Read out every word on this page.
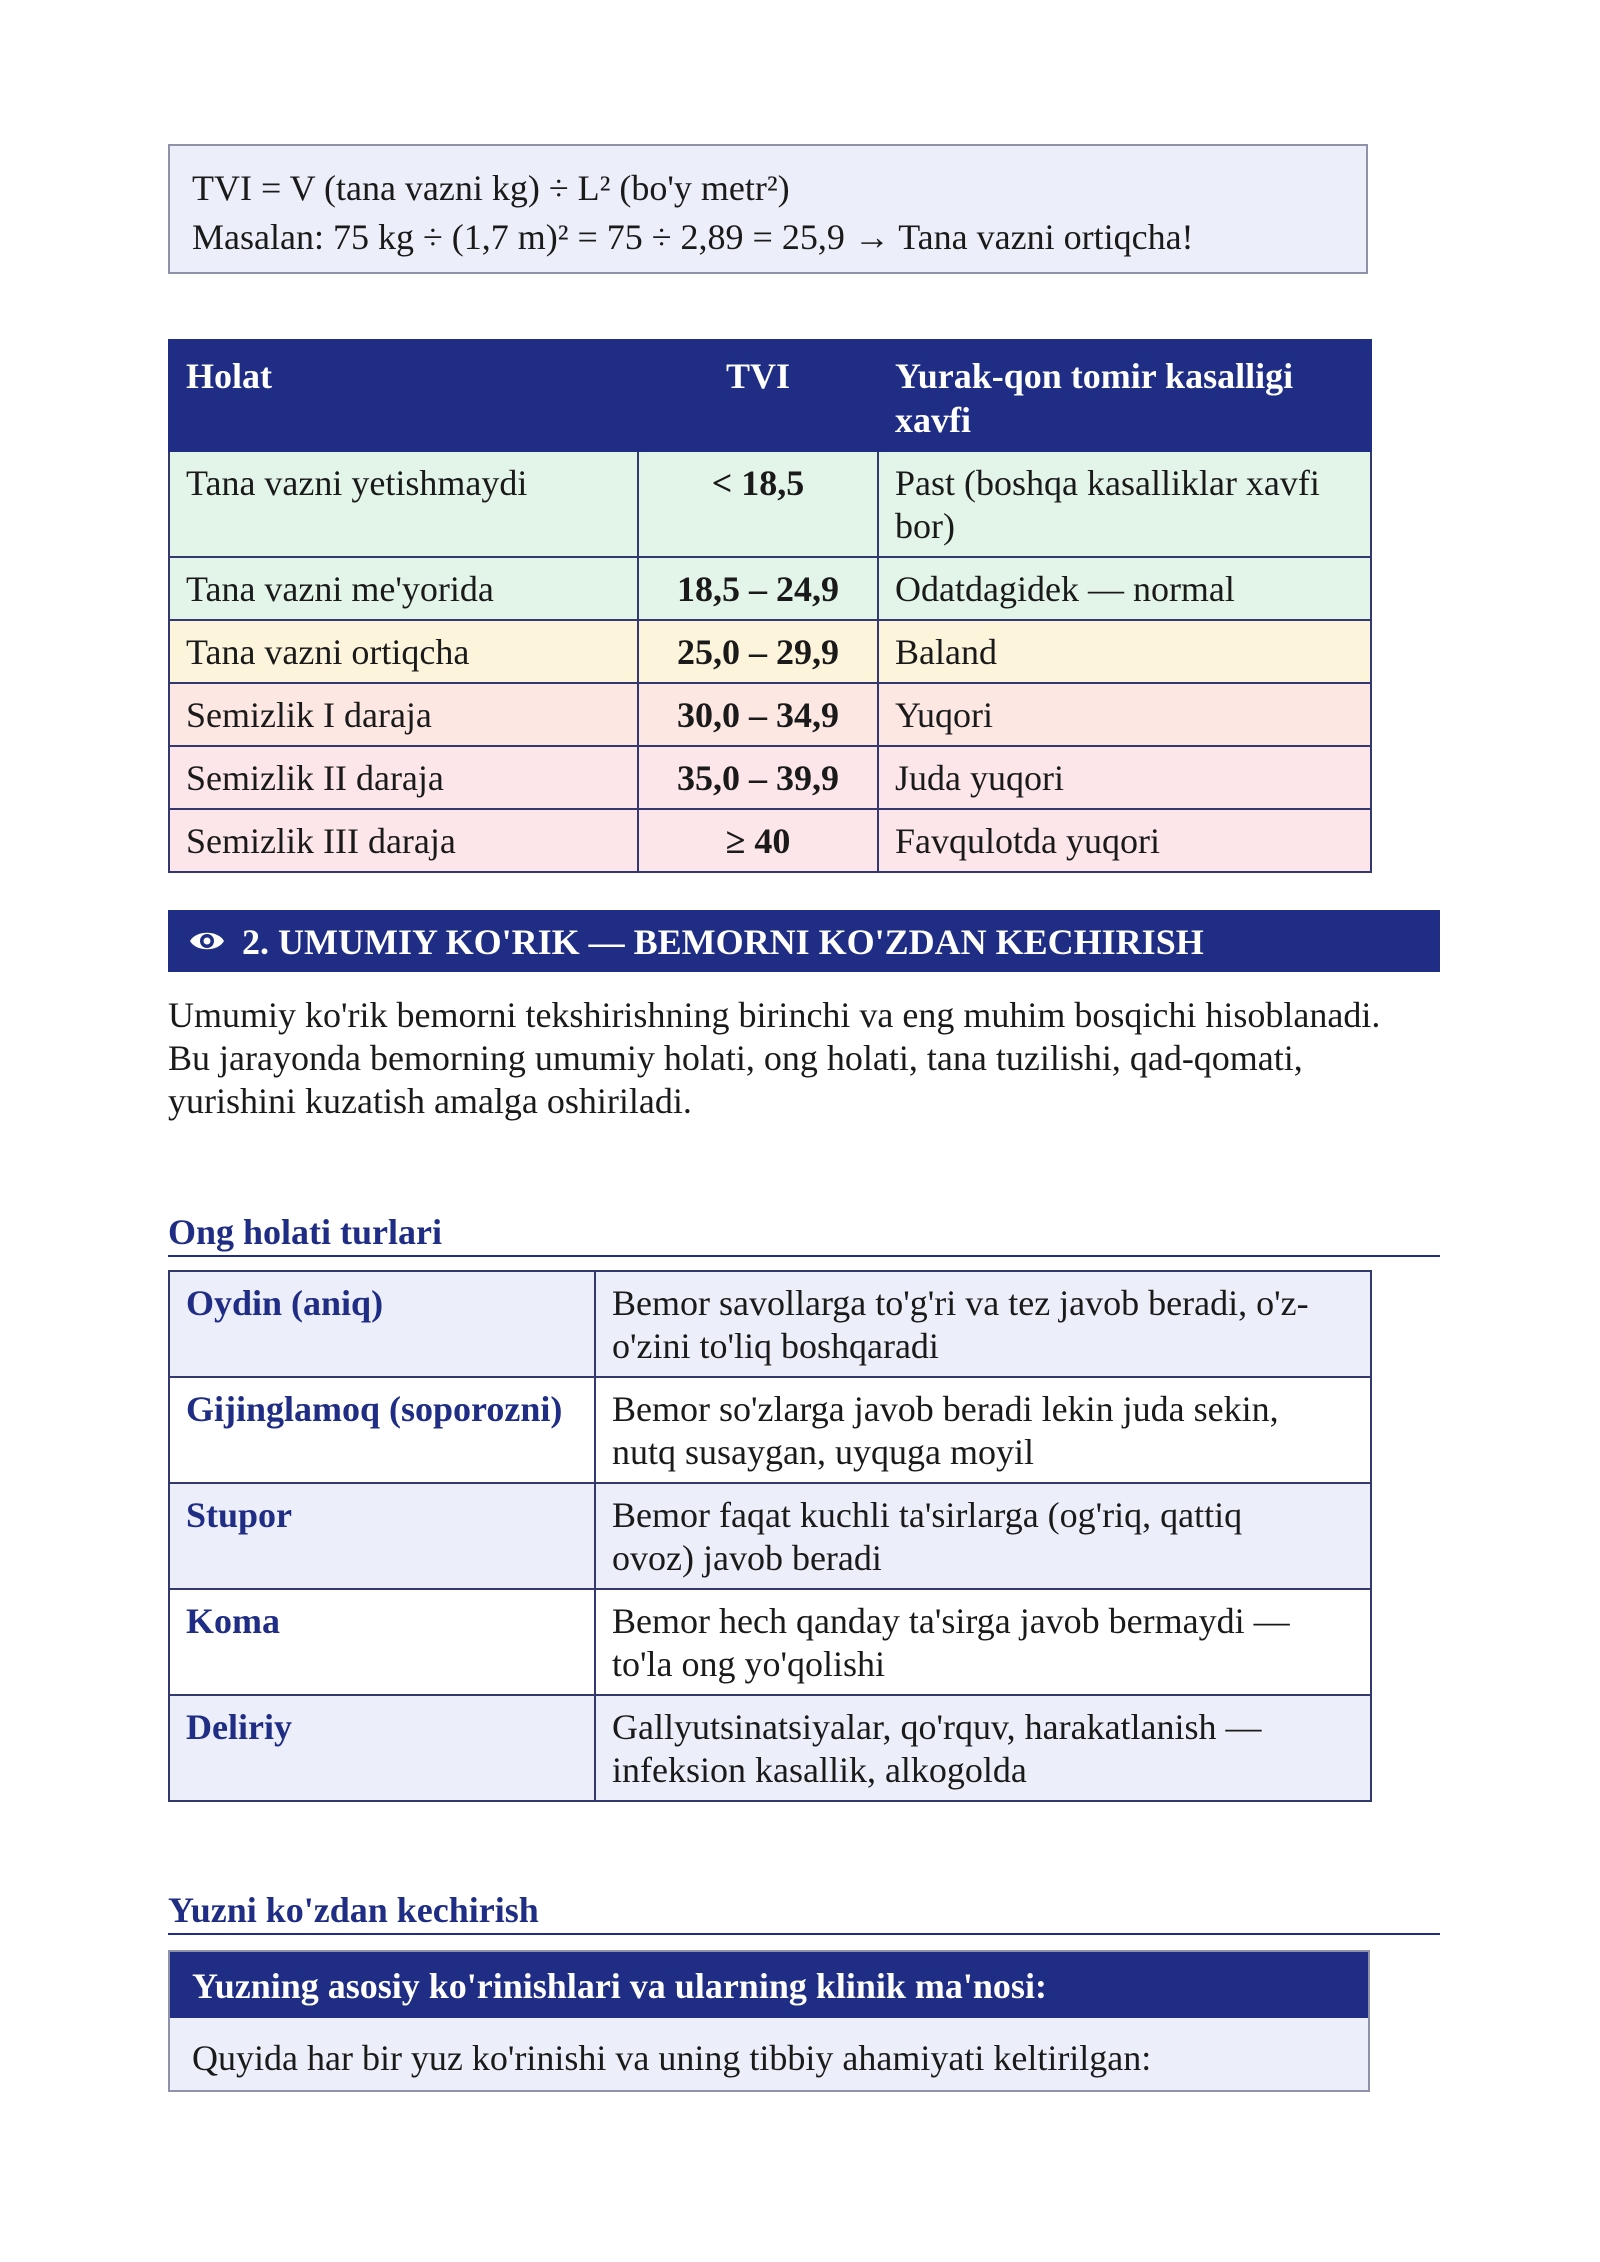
TVI = V (tana vazni kg) ÷ L² (bo'y metr²)
Masalan: 75 kg ÷ (1,7 m)² = 75 ÷ 2,89 = 25,9 → Tana vazni ortiqcha!
Holat	TVI	Yurak-qon tomir kasalligi xavfi
Tana vazni yetishmaydi	< 18,5	Past (boshqa kasalliklar xavfi bor)
Tana vazni me'yorida	18,5 – 24,9	Odatdagidek — normal
Tana vazni ortiqcha	25,0 – 29,9	Baland
Semizlik I daraja	30,0 – 34,9	Yuqori
Semizlik II daraja	35,0 – 39,9	Juda yuqori
Semizlik III daraja	≥ 40	Favqulotda yuqori
2. UMUMIY KO'RIK — BEMORNI KO'ZDAN KECHIRISH

Umumiy ko'rik bemorni tekshirishning birinchi va eng muhim bosqichi hisoblanadi.
Bu jarayonda bemorning umumiy holati, ong holati, tana tuzilishi, qad-qomati,
yurishini kuzatish amalga oshiriladi.

Ong holati turlari
Oydin (aniq)	Bemor savollarga to'g'ri va tez javob beradi, o'z-
o'zini to'liq boshqaradi

Gijinglamoq (soporozni)	Bemor so'zlarga javob beradi lekin juda sekin,
nutq susaygan, uyquga moyil

Stupor	Bemor faqat kuchli ta'sirlarga (og'riq, qattiq
ovoz) javob beradi

Koma	Bemor hech qanday ta'sirga javob bermaydi —
to'la ong yo'qolishi

Deliriy	Gallyutsinatsiyalar, qo'rquv, harakatlanish —
infeksion kasallik, alkogolda
Yuzni ko'zdan kechirish
Yuzning asosiy ko'rinishlari va ularning klinik ma'nosi:
Quyida har bir yuz ko'rinishi va uning tibbiy ahamiyati keltirilgan:
